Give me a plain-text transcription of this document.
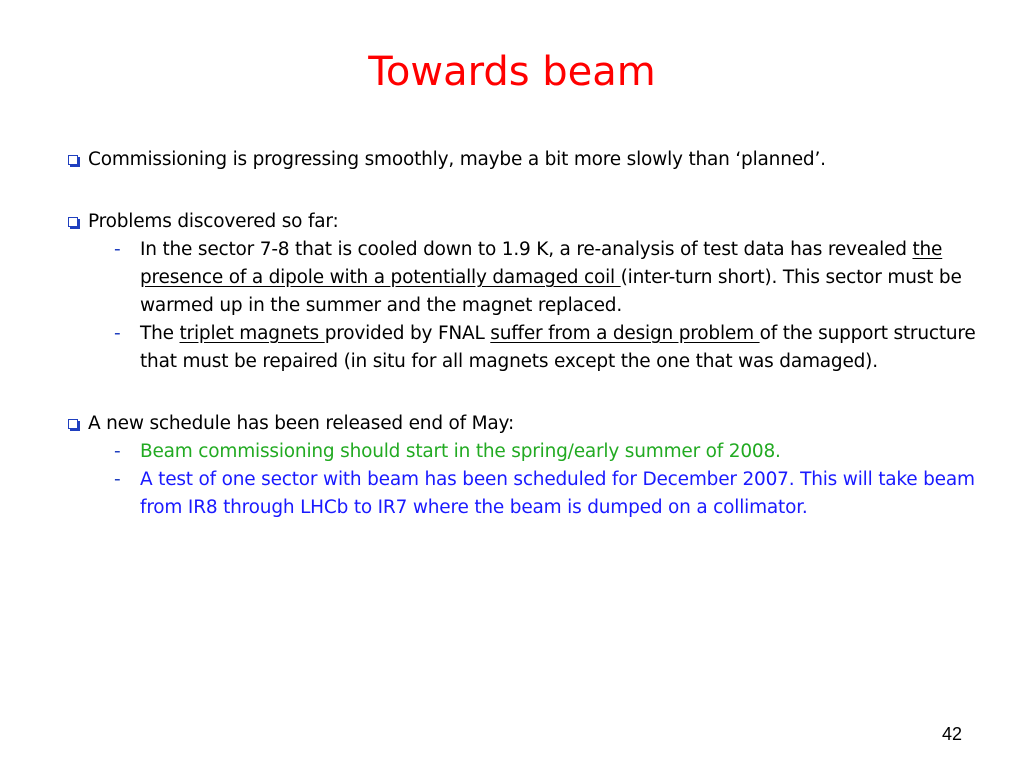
Towards beam
Commissioning is progressing smoothly, maybe a bit more slowly than ‘planned’.
Problems discovered so far:
- In the sector 7-8 that is cooled down to 1.9 K, a re-analysis of test data has revealed the presence of a dipole with a potentially damaged coil (inter-turn short). This sector must be warmed up in the summer and the magnet replaced.
- The triplet magnets provided by FNAL suffer from a design problem of the support structure that must be repaired (in situ for all magnets except the one that was damaged).
A new schedule has been released end of May:
- Beam commissioning should start in the spring/early summer of 2008.
- A test of one sector with beam has been scheduled for December 2007. This will take beam from IR8 through LHCb to IR7 where the beam is dumped on a collimator.
42
